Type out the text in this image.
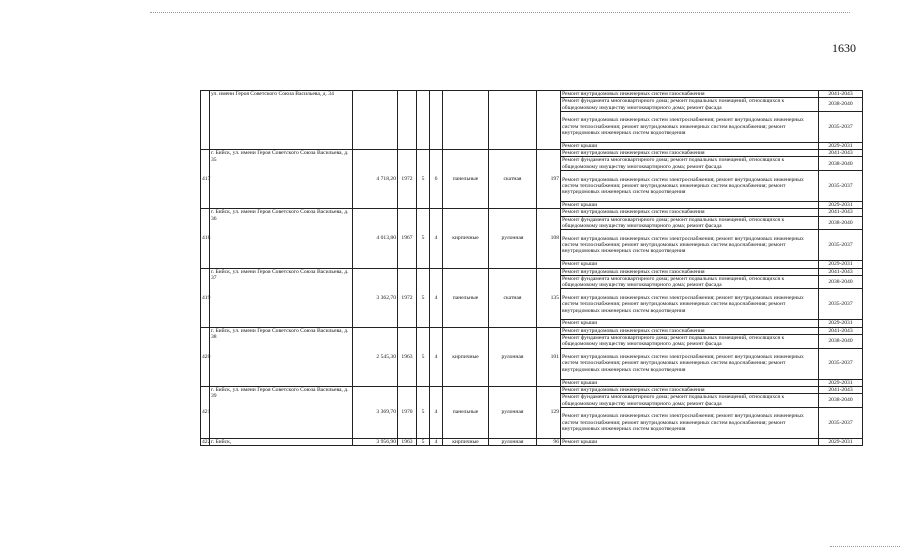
1630
	ул. имени Героя Советского Союза Васильева, д. 34								Ремонт внутридомовых инженерных систем газоснабжения	2041-2043
									Ремонт фундамента многоквартирного дома; ремонт подвальных помещений, относящихся к общедомовому имуществу многоквартирного дома; ремонт фасада	2038-2040
									Ремонт внутридомовых инженерных систем электроснабжения; ремонт внутридомовых инженерных систем теплоснабжения; ремонт внутридомовых инженерных систем водоснабжения; ремонт внутридомовых инженерных систем водоотведения	2035-2037
									Ремонт крыши	2029-2031
417	г. Бийск, ул. имени Героя Советского Союза Васильева, д. 35	4 718,20	1972	5	6	панельные	скатная	197	Ремонт внутридомовых инженерных систем газоснабжения	2041-2043
									Ремонт фундамента многоквартирного дома; ремонт подвальных помещений, относящихся к общедомовому имуществу многоквартирного дома; ремонт фасада	2038-2040
									Ремонт внутридомовых инженерных систем электроснабжения; ремонт внутридомовых инженерных систем теплоснабжения; ремонт внутридомовых инженерных систем водоснабжения; ремонт внутридомовых инженерных систем водоотведения	2035-2037
									Ремонт крыши	2029-2031
418	г. Бийск, ул. имени Героя Советского Союза Васильева, д. 36	4 013,80	1967	5	4	кирпичные	рулонная	108	Ремонт внутридомовых инженерных систем газоснабжения	2041-2043
									Ремонт фундамента многоквартирного дома; ремонт подвальных помещений, относящихся к общедомовому имуществу многоквартирного дома; ремонт фасада	2038-2040
									Ремонт внутридомовых инженерных систем электроснабжения; ремонт внутридомовых инженерных систем теплоснабжения; ремонт внутридомовых инженерных систем водоснабжения; ремонт внутридомовых инженерных систем водоотведения	2035-2037
									Ремонт крыши	2029-2031
419	г. Бийск, ул. имени Героя Советского Союза Васильева, д. 37	3 362,70	1972	5	4	панельные	скатная	135	Ремонт внутридомовых инженерных систем газоснабжения	2041-2043
									Ремонт фундамента многоквартирного дома; ремонт подвальных помещений, относящихся к общедомовому имуществу многоквартирного дома; ремонт фасада	2038-2040
									Ремонт внутридомовых инженерных систем электроснабжения; ремонт внутридомовых инженерных систем теплоснабжения; ремонт внутридомовых инженерных систем водоснабжения; ремонт внутридомовых инженерных систем водоотведения	2035-2037
									Ремонт крыши	2029-2031
420	г. Бийск, ул. имени Героя Советского Союза Васильева, д. 38	2 545,30	1963	5	4	кирпичные	рулонная	101	Ремонт внутридомовых инженерных систем газоснабжения	2041-2043
									Ремонт фундамента многоквартирного дома; ремонт подвальных помещений, относящихся к общедомовому имуществу многоквартирного дома; ремонт фасада	2038-2040
									Ремонт внутридомовых инженерных систем электроснабжения; ремонт внутридомовых инженерных систем теплоснабжения; ремонт внутридомовых инженерных систем водоснабжения; ремонт внутридомовых инженерных систем водоотведения	2035-2037
									Ремонт крыши	2029-2031
421	г. Бийск, ул. имени Героя Советского Союза Васильева, д. 39	3 369,70	1970	5	4	панельные	рулонная	129	Ремонт внутридомовых инженерных систем газоснабжения	2041-2043
									Ремонт фундамента многоквартирного дома; ремонт подвальных помещений, относящихся к общедомовому имуществу многоквартирного дома; ремонт фасада	2038-2040
									Ремонт внутридомовых инженерных систем электроснабжения; ремонт внутридомовых инженерных систем теплоснабжения; ремонт внутридомовых инженерных систем водоснабжения; ремонт внутридомовых инженерных систем водоотведения	2035-2037
422	г. Бийск,	3 956,90	1963	5	4	кирпичные	рулонная	96	Ремонт крыши	2029-2031
